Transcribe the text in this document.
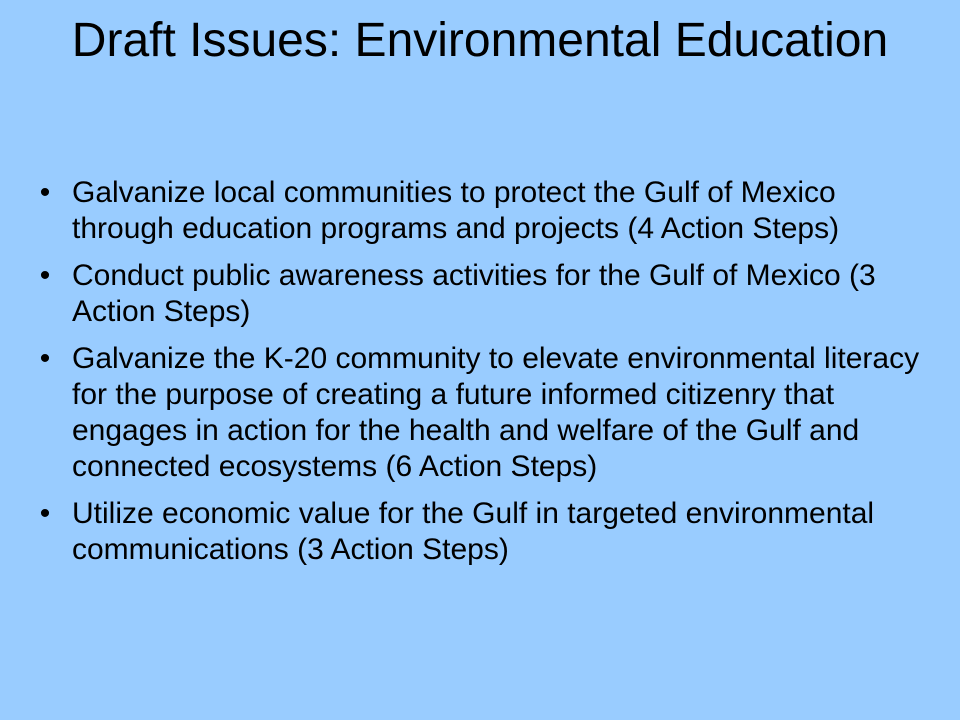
Draft Issues: Environmental Education
• Galvanize local communities to protect the Gulf of Mexico through education programs and projects (4 Action Steps)
• Conduct public awareness activities for the Gulf of Mexico (3 Action Steps)
• Galvanize the K-20 community to elevate environmental literacy for the purpose of creating a future informed citizenry that engages in action for the health and welfare of the Gulf and connected ecosystems (6 Action Steps)
• Utilize economic value for the Gulf in targeted environmental communications (3 Action Steps)
